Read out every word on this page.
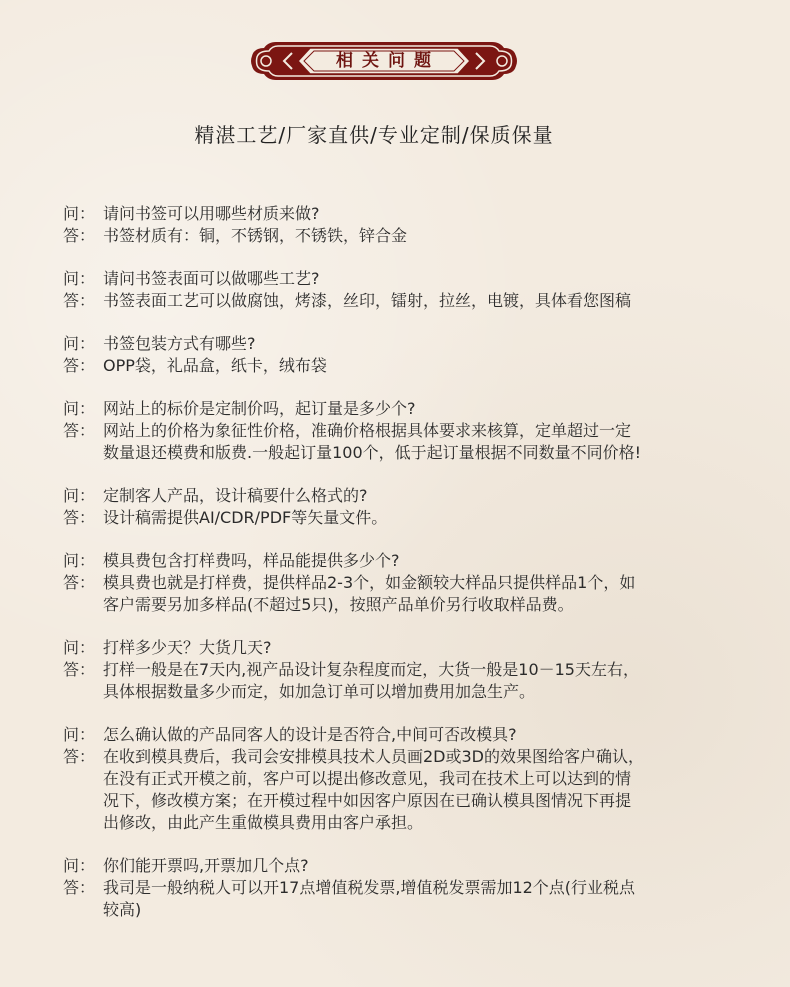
相关问题
精湛工艺/厂家直供/专业定制/保质保量
问： 请问书签可以用哪些材质来做?
答： 书签材质有：铜，不锈钢，不锈铁，锌合金
问： 请问书签表面可以做哪些工艺?
答： 书签表面工艺可以做腐蚀，烤漆，丝印，镭射，拉丝，电镀，具体看您图稿
问： 书签包装方式有哪些?
答： OPP袋，礼品盒，纸卡，绒布袋
问： 网站上的标价是定制价吗，起订量是多少个?
答： 网站上的价格为象征性价格，准确价格根据具体要求来核算，定单超过一定
数量退还模费和版费.一般起订量100个，低于起订量根据不同数量不同价格!
问： 定制客人产品，设计稿要什么格式的?
答： 设计稿需提供AI/CDR/PDF等矢量文件。
问： 模具费包含打样费吗，样品能提供多少个?
答： 模具费也就是打样费，提供样品2-3个，如金额较大样品只提供样品1个，如
客户需要另加多样品(不超过5只)，按照产品单价另行收取样品费。
问： 打样多少天？大货几天?
答： 打样一般是在7天内,视产品设计复杂程度而定，大货一般是10－15天左右，
具体根据数量多少而定，如加急订单可以增加费用加急生产。
问： 怎么确认做的产品同客人的设计是否符合,中间可否改模具?
答： 在收到模具费后，我司会安排模具技术人员画2D或3D的效果图给客户确认，
在没有正式开模之前，客户可以提出修改意见，我司在技术上可以达到的情
况下，修改模方案；在开模过程中如因客户原因在已确认模具图情况下再提
出修改，由此产生重做模具费用由客户承担。
问： 你们能开票吗,开票加几个点?
答： 我司是一般纳税人可以开17点增值税发票,增值税发票需加12个点(行业税点
较高)
